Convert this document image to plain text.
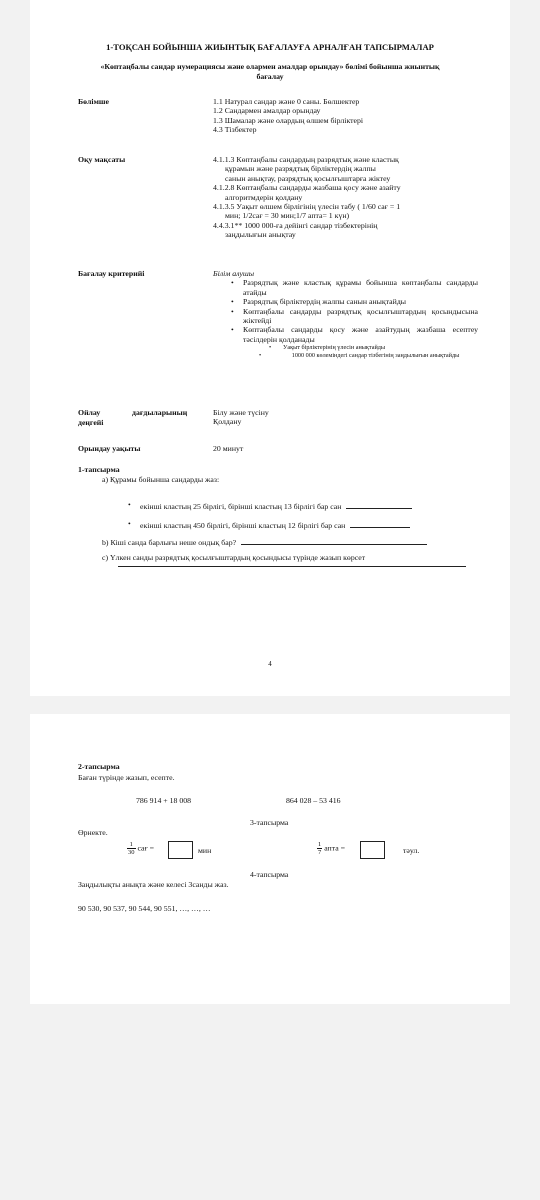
1-ТОҚСАН БОЙЫНША ЖИЫНТЫҚ БАҒАЛАУҒА АРНАЛҒАН ТАПСЫРМАЛАР
«Көптаңбалы сандар нумерациясы және олармен амалдар орындау» бөлімі бойынша жиынтық бағалау
Бөлімше	1.1 Натурал сандар және 0 саны. Бөлшектер
1.2 Сандармен амалдар орындау
1.3 Шамалар және олардың өлшем бірліктері
4.3 Тізбектер
Оқу мақсаты	4.1.1.3 Көптаңбалы сандардың разрядтық және кластық
құрамын және разрядтық бірліктердің жалпы
санын анықтау, разрядтық қосылғыштарға жіктеу
4.1.2.8 Көптаңбалы сандарды жазбаша қосу және азайту
алгоритмдерін қолдану
4.1.3.5 Уақыт өлшем бірлігінің үлесін табу ( 1/60 сағ = 1
мин; 1/2сағ = 30 мин;1/7 апта= 1 күн)
4.4.3.1** 1000 000-ға дейінгі сандар тізбектерінің
заңдылығын анықтау
Бағалау критерийі	Білім алушы
• Разрядтық және кластық құрамы бойынша көптаңбалы сандарды атайды
• Разрядтық бірліктердің жалпы санын анықтайды
• Көптаңбалы сандарды разрядтық қосылғыштардың қосындысына жіктейді
• Көптаңбалы сандарды қосу және азайтудың жазбаша есептеу тәсілдерін қолданады
• Уақыт бірліктерінің үлесін анықтайды
• 1000 000 көлеміндегі сандар тізбегінің заңдылығын анықтайды
Ойлау	дағдыларының
деңгейі
Білу және түсіну
Қолдану
Орындау уақыты	20 минут
1-тапсырма
a) Құрамы бойынша сандарды жаз:
• екінші кластың 25 бірлігі, бірінші кластың 13 бірлігі бар сан
• екінші кластың 450 бірлігі, бірінші кластың 12 бірлігі бар сан
b) Кіші санда барлығы неше ондық бар?
c) Үлкен санды разрядтық қосылғыштардың қосындысы түрінде жазып көрсет
4
2-тапсырма
Баған түрінде жазып, есепте.
786 914 + 18 008	864 028 – 53 416
3-тапсырма
Өрнекте.
$\frac{1}{30}$ сағ =	мин	$\frac{1}{7}$ апта =	тәул.
4-тапсырма
Заңдылықты анықта және келесі 3санды жаз.
90 530, 90 537, 90 544, 90 551, …, …, …
